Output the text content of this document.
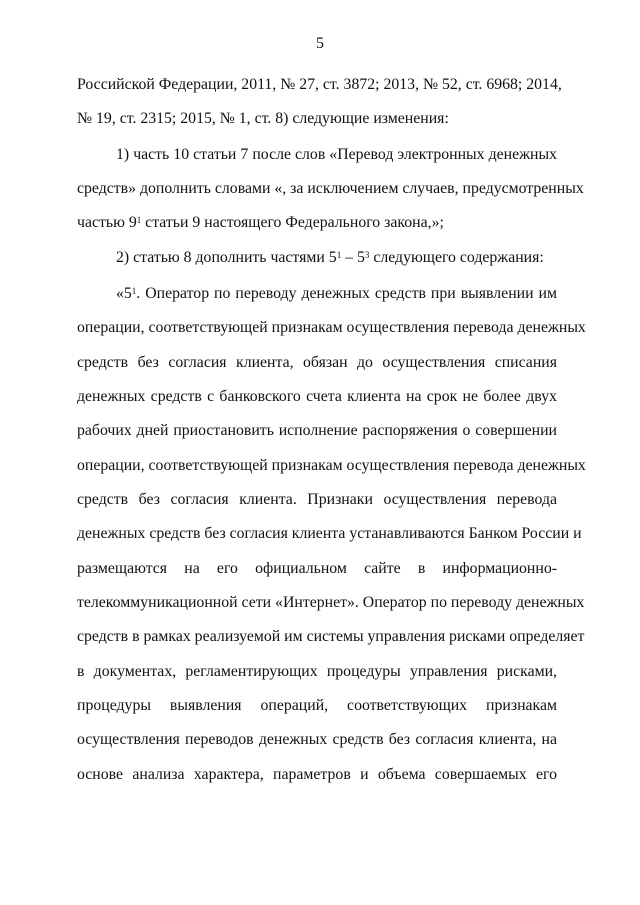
5
Российской Федерации, 2011, № 27, ст. 3872; 2013, № 52, ст. 6968; 2014,
№ 19, ст. 2315; 2015, № 1, ст. 8) следующие изменения:
1) часть 10 статьи 7 после слов «Перевод электронных денежных
средств» дополнить словами «, за исключением случаев, предусмотренных
частью $9^1$ статьи 9 настоящего Федерального закона,»;
2) статью 8 дополнить частями $5^1 - 5^3$ следующего содержания:
«$5^1$. Оператор по переводу денежных средств при выявлении им
операции, соответствующей признакам осуществления перевода денежных
средств без согласия клиента, обязан до осуществления списания
денежных средств с банковского счета клиента на срок не более двух
рабочих дней приостановить исполнение распоряжения о совершении
операции, соответствующей признакам осуществления перевода денежных
средств без согласия клиента. Признаки осуществления перевода
денежных средств без согласия клиента устанавливаются Банком России и
размещаются на его официальном сайте в информационно-
телекоммуникационной сети «Интернет». Оператор по переводу денежных
средств в рамках реализуемой им системы управления рисками определяет
в документах, регламентирующих процедуры управления рисками,
процедуры выявления операций, соответствующих признакам
осуществления переводов денежных средств без согласия клиента, на
основе анализа характера, параметров и объема совершаемых его
